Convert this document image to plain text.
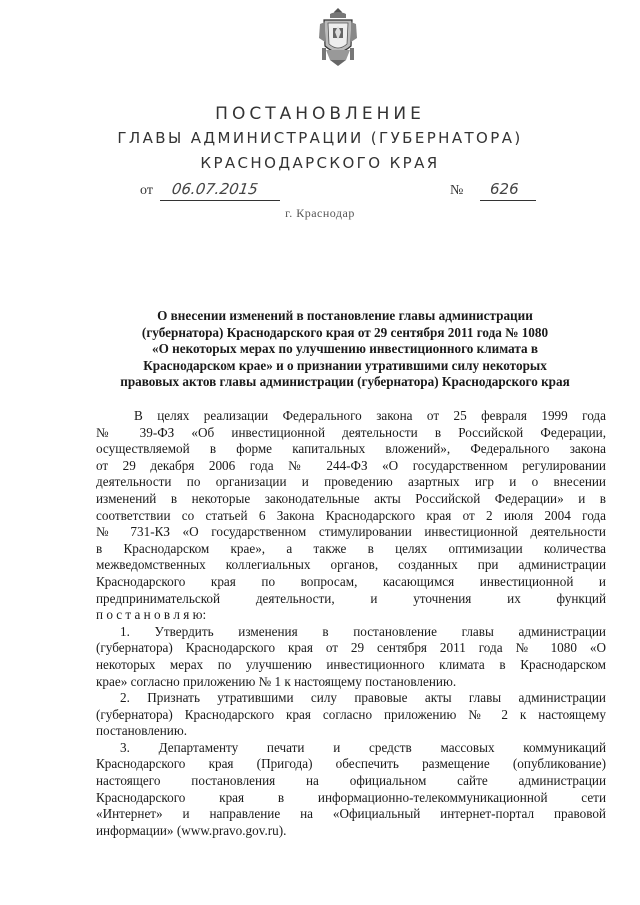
ПОСТАНОВЛЕНИЕ
ГЛАВЫ АДМИНИСТРАЦИИ (ГУБЕРНАТОРА)
КРАСНОДАРСКОГО КРАЯ
от 06.07.2015	№ 626
г. Краснодар
О внесении изменений в постановление главы администрации
(губернатора) Краснодарского края от 29 сентября 2011 года № 1080
«О некоторых мерах по улучшению инвестиционного климата в
Краснодарском крае» и о признании утратившими силу некоторых
правовых актов главы администрации (губернатора) Краснодарского края
В целях реализации Федерального закона от 25 февраля 1999 года
№ 39-ФЗ «Об инвестиционной деятельности в Российской Федерации,
осуществляемой в форме капитальных вложений», Федерального закона
от 29 декабря 2006 года № 244-ФЗ «О государственном регулировании
деятельности по организации и проведению азартных игр и о внесении
изменений в некоторые законодательные акты Российской Федерации» и в
соответствии со статьей 6 Закона Краснодарского края от 2 июля 2004 года
№ 731-КЗ «О государственном стимулировании инвестиционной деятельности
в Краснодарском крае», а также в целях оптимизации количества
межведомственных коллегиальных органов, созданных при администрации
Краснодарского края по вопросам, касающимся инвестиционной и
предпринимательской деятельности, и уточнения их функций
п о с т а н о в л я ю:
1. Утвердить изменения в постановление главы администрации
(губернатора) Краснодарского края от 29 сентября 2011 года № 1080 «О
некоторых мерах по улучшению инвестиционного климата в Краснодарском
крае» согласно приложению № 1 к настоящему постановлению.
2. Признать утратившими силу правовые акты главы администрации
(губернатора) Краснодарского края согласно приложению № 2 к настоящему
постановлению.
3. Департаменту печати и средств массовых коммуникаций
Краснодарского края (Пригода) обеспечить размещение (опубликование)
настоящего постановления на официальном сайте администрации
Краснодарского края в информационно-телекоммуникационной сети
«Интернет» и направление на «Официальный интернет-портал правовой
информации» (www.pravo.gov.ru).
